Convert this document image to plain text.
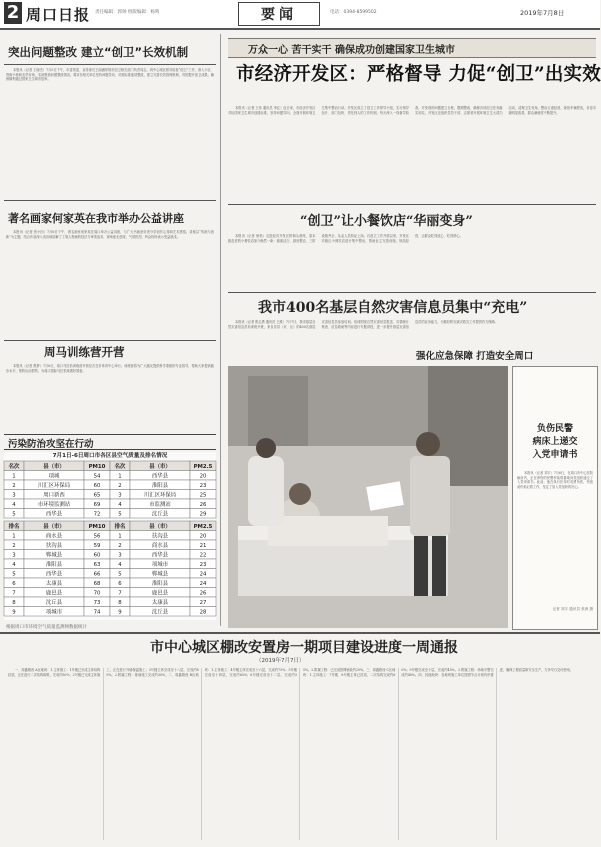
2 周口日报 责任编辑：郭帅 组版编辑：杨鸣	要闻	电话：0394-8599502	2019年7月8日
突出问题整改 建立“创卫”长效机制
本报讯（记者 王晓杰）7月5日下午，市委常委、宣传部长王丽涵带领市创卫相关部门负责同志，到中心城区督导检查“创卫”工作，深入小区、背街小巷和农贸市场，实地察看问题整改情况。要求各相关单位坚持问题导向，对照标准逐项整改，建立完善长效管理机制，巩固提升创卫成果，确保顺利通过国家卫生城市复审。
著名画家何家英在我市举办公益讲座
本报讯（记者 张小田）7月6日下午，著名画家何家英在周口举办公益讲座，与广大书画爱好者分享创作心得和艺术感悟。讲座以“传统与创新”为主题，结合作品深入浅出地讲解了工笔人物画的技法与审美追求，现场座无虚席，气氛热烈，听众纷纷表示受益匪浅。
周马训练营开营
本报讯（记者 焦梦）7月6日，周口马拉松训练营开营仪式在市体育中心举行。训练营将为广大跑友提供科学系统的专业指导，帮助大家提高跑步水平，预防运动损伤，为周口国际马拉松赛做好准备。
污染防治攻坚在行动
7月1日-6日周口市各区县空气质量及排名情况
名次	县（市）	PM10 名次	县（市）	PM2.5
1	项城	54	1	西华县	20
2	川汇区环保局	60	2	淮阳县	23
3	周口新西	65	3	川汇区环保局	25
4	市环境监测站	69	4	市监测站	26
5	西华县	72	5	沈丘县	29
排名	县（市）	PM10 排名	县（市）	PM2.5
1	商水县	56	1	扶沟县	20
2	扶沟县	59	2	商水县	21
3	郸城县	60	3	西华县	22
4	淮阳县	63	4	项城市	23
5	西华县	66	5	郸城县	24
6	太康县	68	6	淮阳县	24
7	鹿邑县	70	7	鹿邑县	26
8	沈丘县	73	8	太康县	27
9	项城市	74	9	沈丘县	28
根据周口市环境空气质量监测网数据统计
万众一心 苦干实干 确保成功创建国家卫生城市
市经济开发区：严格督导 力促“创卫”出实效
本报讯（记者 王伟 通讯员 李红）连日来，市经济开发区对标国家卫生城市创建标准，坚持问题导向，全面开展环境卫生集中整治行动。开发区成立了创卫工作领导小组，实行领导包片、部门包块、责任到人的工作机制，每天深入一线督导检查，对发现的问题建立台账，限期整改，确保各项创卫任务落实到位。开发区还组织党员干部、志愿者开展环境卫生大清扫活动，清理卫生死角，整治占道经营，规范车辆停放，市容市貌明显改善，群众满意度不断提升。
“创卫”让小餐饮店“华丽变身”
本报讯（记者 徐松）走进经济开发区的街头巷尾，原本脏乱差的小餐饮店如今焕然一新：墙面洁白、厨房整洁、三防设施齐全、从业人员持证上岗。自创卫工作开展以来，开发区对辖区小餐饮店进行集中整治，帮助业主完善设施，规范经营，让群众吃得放心、吃得舒心。
我市400名基层自然灾害信息员集中“充电”
本报讯（记者 焦志勇 通讯员 王维）7月7日，我市基层自然灾害信息员培训班开班，来自各县（市、区）的400名基层灾害信息员参加培训。培训围绕自然灾害信息报送、灾情统计核查、应急救助等内容进行专题讲授，进一步提升基层灾害信息员的业务能力，为做好防灾减灾救灾工作提供有力保障。
强化应急保障 打造安全周口
负伤民警
病床上递交
入党申请书
本报讯（记者 刘宇）7月6日，在周口市中心医院病房内，正在养伤的民警李某郑重地向党组织递交了入党申请书。此前，他在执行任务时英勇负伤，伤愈前仍惦记着工作，坚定了加入党组织的决心。
记者 刘宇 通讯员 张涛 摄
市中心城区棚改安置房一期项目建设进度一周通报
（2019年7月7日）
一、周鑫路西 A区地块：1.主体施工：1号楼已完成主体结构封顶，正在进行二次结构砌筑，完成约50%；2号楼已完成主体施工，正在进行外墙保温施工；3号楼主体完成至十八层，完成约80%。2.附属工程：基础施工完成约30%。二、周鑫路西 B区地块：1.主体施工：4号楼主体完成至十六层，完成约75%；5号楼完成至十四层，完成约65%；6号楼完成至十二层，完成约55%。2.附属工程：已完成管网铺设约20%。三、周鑫路西 C区地块：1.主体施工：7号楼、8号楼主体已封顶，二次结构完成约60%；9号楼完成至十层，完成约45%。2.附属工程：场地平整完成约40%。四、其他地块：各地块施工单位按照节点计划有序推进，确保工程质量和安全生产，力争早日交付使用。
